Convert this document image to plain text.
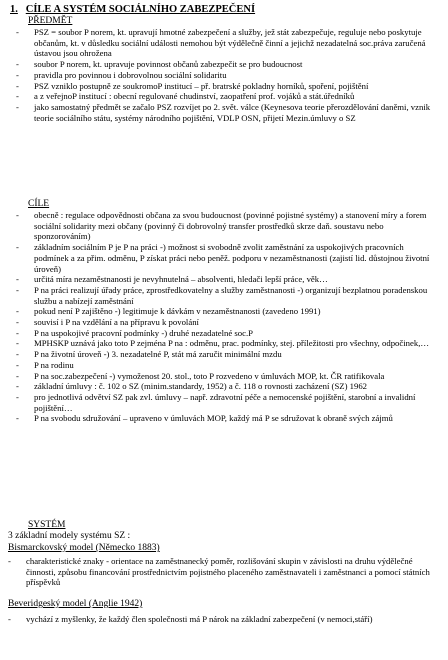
1. CÍLE A SYSTÉM SOCIÁLNÍHO ZABEZPEČENÍ
PŘEDMĚT
- PSZ = soubor P norem, kt. upravují hmotné zabezpečení a služby, jež stát zabezpečuje, reguluje nebo poskytuje občanům, kt. v důsledku sociální události nemohou být výdělečně činní a jejichž nezadatelná soc.práva zaručená ústavou jsou ohrožena
- soubor P norem, kt. upravuje povinnost občanů zabezpečit se pro budoucnost
- pravidla pro povinnou i dobrovolnou sociální solidaritu
- PSZ vzniklo postupně ze soukromoP institucí – př. bratrské pokladny horníků, spoření, pojištění
- a z veřejnoP institucí : obecní regulované chudinství, zaopatření prof. vojáků a stát.úředníků
- jako samostatný předmět se začalo PSZ rozvíjet po 2. svět. válce (Keynesova teorie přerozdělování daněmi, vznik teorie sociálního státu, systémy národního pojištění, VDLP OSN, přijetí Mezin.úmluvy o SZ
CÍLE
- obecně : regulace odpovědnosti občana za svou budoucnost (povinné pojistné systémy) a stanovení míry a forem sociální solidarity mezi občany (povinný či dobrovolný transfer prostředků skrze daň. soustavu nebo sponzorováním)
- základním sociálním P je P na práci -) možnost si svobodně zvolit zaměstnání za uspokojivých pracovních podmínek a za přim. odměnu, P získat práci nebo peněž. podporu v nezaměstnanosti (zajistí lid. důstojnou životní úroveň)
- určitá míra nezaměstnanosti je nevyhnutelná – absolventi, hledači lepší práce, věk…
- P na práci realizují úřady práce, zprostředkovatelny a služby zaměstnanosti -) organizují bezplatnou poradenskou službu a nabízejí zaměstnání
- pokud není P zajištěno -) legitimuje k dávkám v nezaměstnanosti (zavedeno 1991)
- souvisí i P na vzdělání a na přípravu k povolání
- P na uspokojivé pracovní podmínky -) druhé nezadatelné soc.P
- MPHSKP uznává jako toto P zejména P na : odměnu, prac. podmínky, stej. příležitosti pro všechny, odpočinek,…
- P na životní úroveň -) 3. nezadatelné P, stát má zaručit minimální mzdu
- P na rodinu
- P na soc.zabezpečení -) vymoženost 20. stol., toto P rozvedeno v úmluvách MOP, kt. ČR ratifikovala
- základní úmluvy : č. 102 o SZ (minim.standardy, 1952) a č. 118 o rovnosti zacházení (SZ) 1962
- pro jednotlivá odvětví SZ pak zvl. úmluvy – např. zdravotní péče a nemocenské pojištění, starobní a invalidní pojištění…
- P na svobodu sdružování – upraveno v úmluvách MOP, každý má P se sdružovat k obraně svých zájmů
SYSTÉM
3 základní modely systému SZ :
Bismarckovský model (Německo 1883)
- charakteristické znaky - orientace na zaměstnanecký poměr, rozlišování skupin v závislosti na druhu výdělečné činnosti, způsobu financování prostřednictvím pojistného placeného zaměstnavateli i zaměstnanci a pomocí státních příspěvků
Beveridgeský model (Anglie 1942)
- vychází z myšlenky, že každý člen společnosti má P nárok na základní zabezpečení (v nemoci,stáří)
